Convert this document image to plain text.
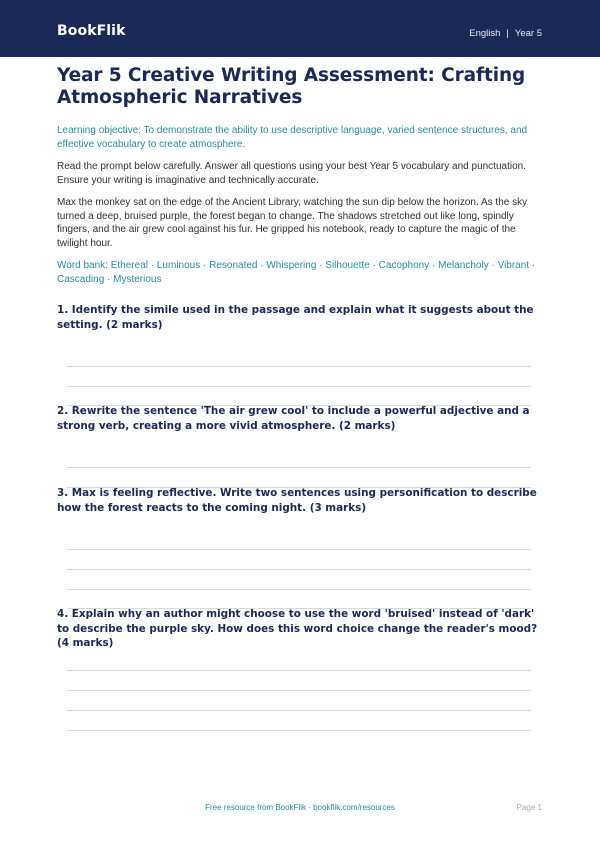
BookFlik	English | Year 5
Year 5 Creative Writing Assessment: Crafting Atmospheric Narratives
Learning objective: To demonstrate the ability to use descriptive language, varied sentence structures, and effective vocabulary to create atmosphere.
Read the prompt below carefully. Answer all questions using your best Year 5 vocabulary and punctuation. Ensure your writing is imaginative and technically accurate.
Max the monkey sat on the edge of the Ancient Library, watching the sun dip below the horizon. As the sky turned a deep, bruised purple, the forest began to change. The shadows stretched out like long, spindly fingers, and the air grew cool against his fur. He gripped his notebook, ready to capture the magic of the twilight hour.
Word bank: Ethereal · Luminous · Resonated · Whispering · Silhouette · Cacophony · Melancholy · Vibrant · Cascading · Mysterious
1. Identify the simile used in the passage and explain what it suggests about the setting. (2 marks)
2. Rewrite the sentence 'The air grew cool' to include a powerful adjective and a strong verb, creating a more vivid atmosphere. (2 marks)
3. Max is feeling reflective. Write two sentences using personification to describe how the forest reacts to the coming night. (3 marks)
4. Explain why an author might choose to use the word 'bruised' instead of 'dark' to describe the purple sky. How does this word choice change the reader's mood? (4 marks)
Free resource from BookFlik · bookflik.com/resources	Page 1
